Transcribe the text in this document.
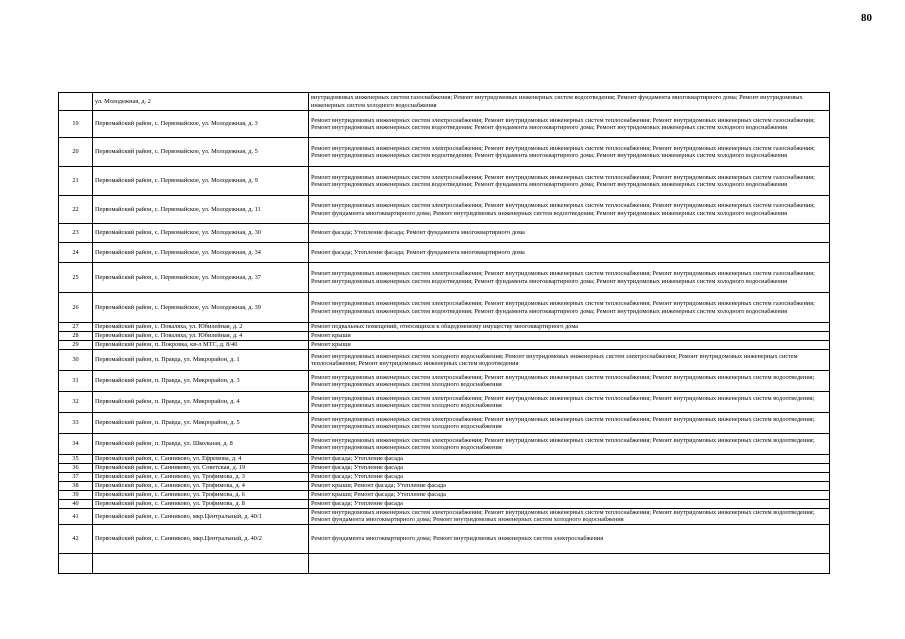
80
	ул. Молодежная, д. 2	внутридомовых инженерных систем газоснабжения; Ремонт внутридомовых инженерных систем водоотведения; Ремонт фундамента многоквартирного дома; Ремонт внутридомовых инженерных систем холодного водоснабжения
19	Первомайский район, с. Первомайское, ул. Молодежная, д. 3	Ремонт внутридомовых инженерных систем электроснабжения; Ремонт внутридомовых инженерных систем теплоснабжения; Ремонт внутридомовых инженерных систем газоснабжения; Ремонт внутридомовых инженерных систем водоотведения; Ремонт фундамента многоквартирного дома; Ремонт внутридомовых инженерных систем холодного водоснабжения
20	Первомайский район, с. Первомайское, ул. Молодежная, д. 5	Ремонт внутридомовых инженерных систем электроснабжения; Ремонт внутридомовых инженерных систем теплоснабжения; Ремонт внутридомовых инженерных систем газоснабжения; Ремонт внутридомовых инженерных систем водоотведения; Ремонт фундамента многоквартирного дома; Ремонт внутридомовых инженерных систем холодного водоснабжения
21	Первомайский район, с. Первомайское, ул. Молодежная, д. 9	Ремонт внутридомовых инженерных систем электроснабжения; Ремонт внутридомовых инженерных систем теплоснабжения; Ремонт внутридомовых инженерных систем газоснабжения; Ремонт внутридомовых инженерных систем водоотведения; Ремонт фундамента многоквартирного дома; Ремонт внутридомовых инженерных систем холодного водоснабжения
22	Первомайский район, с. Первомайское, ул. Молодежная, д. 11	Ремонт внутридомовых инженерных систем электроснабжения; Ремонт внутридомовых инженерных систем теплоснабжения; Ремонт внутридомовых инженерных систем газоснабжения; Ремонт фундамента многоквартирного дома; Ремонт внутридомовых инженерных систем водоотведения; Ремонт внутридомовых инженерных систем холодного водоснабжения
23	Первомайский район, с. Первомайское, ул. Молодежная, д. 30	Ремонт фасада; Утепление фасада; Ремонт фундамента многоквартирного дома
24	Первомайский район, с. Первомайское, ул. Молодежная, д. 34	Ремонт фасада; Утепление фасада; Ремонт фундамента многоквартирного дома
25	Первомайский район, с. Первомайское, ул. Молодежная, д. 37	Ремонт внутридомовых инженерных систем электроснабжения; Ремонт внутридомовых инженерных систем теплоснабжения; Ремонт внутридомовых инженерных систем газоснабжения; Ремонт внутридомовых инженерных систем водоотведения; Ремонт фундамента многоквартирного дома; Ремонт внутридомовых инженерных систем холодного водоснабжения
26	Первомайский район, с. Первомайское, ул. Молодежная, д. 39	Ремонт внутридомовых инженерных систем электроснабжения; Ремонт внутридомовых инженерных систем теплоснабжения; Ремонт внутридомовых инженерных систем газоснабжения; Ремонт внутридомовых инженерных систем водоотведения; Ремонт фундамента многоквартирного дома; Ремонт внутридомовых инженерных систем холодного водоснабжения
27	Первомайский район, с. Поваляха, ул. Юбилейная, д. 2	Ремонт подвальных помещений, относящихся к общедомовому имуществу многоквартирного дома
28	Первомайский район, с. Поваляха, ул. Юбилейная, д. 4	Ремонт крыши
29	Первомайский район, п. Покровка, кв-л МТС, д. 8/40	Ремонт крыши
30	Первомайский район, п. Правда, ул. Микрорайон, д. 1	Ремонт внутридомовых инженерных систем холодного водоснабжения; Ремонт внутридомовых инженерных систем электроснабжения; Ремонт внутридомовых инженерных систем теплоснабжения; Ремонт внутридомовых инженерных систем водоотведения
31	Первомайский район, п. Правда, ул. Микрорайон, д. 3	Ремонт внутридомовых инженерных систем электроснабжения; Ремонт внутридомовых инженерных систем теплоснабжения; Ремонт внутридомовых инженерных систем водоотведения; Ремонт внутридомовых инженерных систем холодного водоснабжения
32	Первомайский район, п. Правда, ул. Микрорайон, д. 4	Ремонт внутридомовых инженерных систем электроснабжения; Ремонт внутридомовых инженерных систем теплоснабжения; Ремонт внутридомовых инженерных систем водоотведения; Ремонт внутридомовых инженерных систем холодного водоснабжения
33	Первомайский район, п. Правда, ул. Микрорайон, д. 5	Ремонт внутридомовых инженерных систем электроснабжения; Ремонт внутридомовых инженерных систем теплоснабжения; Ремонт внутридомовых инженерных систем водоотведения; Ремонт внутридомовых инженерных систем холодного водоснабжения
34	Первомайский район, п. Правда, ул. Школьная, д. 8	Ремонт внутридомовых инженерных систем электроснабжения; Ремонт внутридомовых инженерных систем теплоснабжения; Ремонт внутридомовых инженерных систем водоотведения; Ремонт внутридомовых инженерных систем холодного водоснабжения
35	Первомайский район, с. Санниково, ул. Ефремова, д. 4	Ремонт фасада; Утепление фасада
36	Первомайский район, с. Санниково, ул. Советская, д. 19	Ремонт фасада; Утепление фасада
37	Первомайский район, с. Санниково, ул. Трофимова, д. 3	Ремонт фасада; Утепление фасада
38	Первомайский район, с. Санниково, ул. Трофимова, д. 4	Ремонт крыши; Ремонт фасада; Утепление фасада
39	Первомайский район, с. Санниково, ул. Трофимова, д. 6	Ремонт крыши; Ремонт фасада; Утепление фасада
40	Первомайский район, с. Санниково, ул. Трофимова, д. 8	Ремонт фасада; Утепление фасада
41	Первомайский район, с. Санниково, мкр.Центральный, д. 40/1	Ремонт внутридомовых инженерных систем электроснабжения; Ремонт внутридомовых инженерных систем теплоснабжения; Ремонт внутридомовых инженерных систем водоотведения; Ремонт фундамента многоквартирного дома; Ремонт внутридомовых инженерных систем холодного водоснабжения
42	Первомайский район, с. Санниково, мкр.Центральный, д. 40/2	Ремонт фундамента многоквартирного дома; Ремонт внутридомовых инженерных систем электроснабжения
